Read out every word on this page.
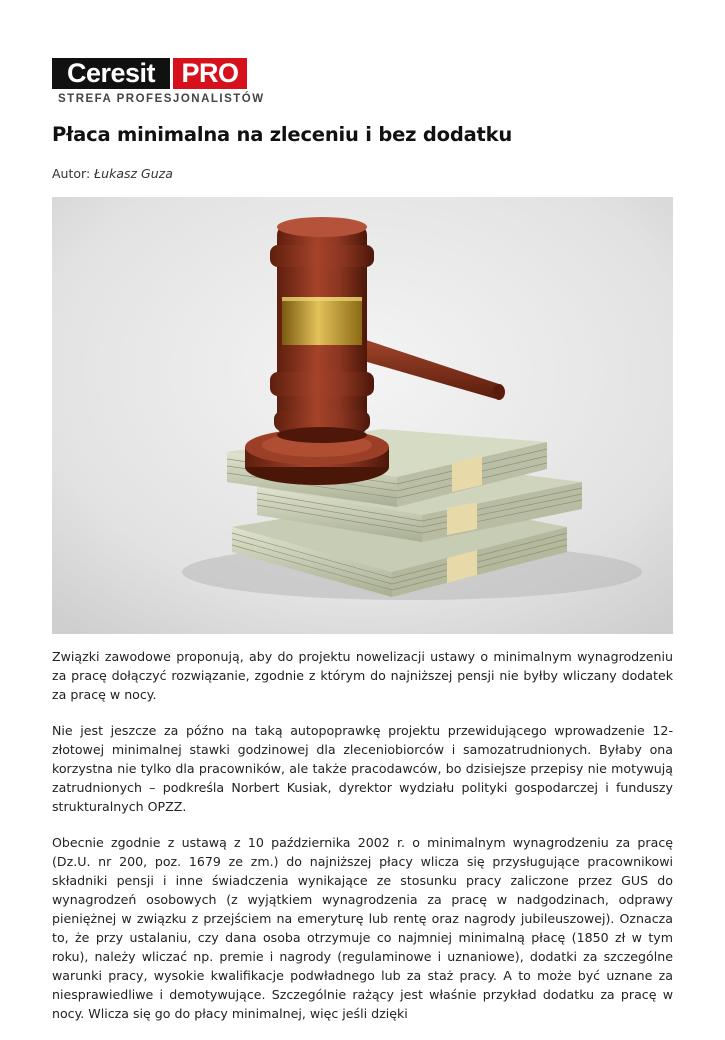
Ceresit PRO
STREFA PROFESJONALISTÓW
Płaca minimalna na zleceniu i bez dodatku
Autor: Łukasz Guza

Związki zawodowe proponują, aby do projektu nowelizacji ustawy o minimalnym wynagrodzeniu za pracę dołączyć rozwiązanie, zgodnie z którym do najniższej pensji nie byłby wliczany dodatek za pracę w nocy.

Nie jest jeszcze za późno na taką autopoprawkę projektu przewidującego wprowadzenie 12-złotowej minimalnej stawki godzinowej dla zleceniobiorców i samozatrudnionych. Byłaby ona korzystna nie tylko dla pracowników, ale także pracodawców, bo dzisiejsze przepisy nie motywują zatrudnionych – podkreśla Norbert Kusiak, dyrektor wydziału polityki gospodarczej i funduszy strukturalnych OPZZ.

Obecnie zgodnie z ustawą z 10 października 2002 r. o minimalnym wynagrodzeniu za pracę (Dz.U. nr 200, poz. 1679 ze zm.) do najniższej płacy wlicza się przysługujące pracownikowi składniki pensji i inne świadczenia wynikające ze stosunku pracy zaliczone przez GUS do wynagrodzeń osobowych (z wyjątkiem wynagrodzenia za pracę w nadgodzinach, odprawy pieniężnej w związku z przejściem na emeryturę lub rentę oraz nagrody jubileuszowej). Oznacza to, że przy ustalaniu, czy dana osoba otrzymuje co najmniej minimalną płacę (1850 zł w tym roku), należy wliczać np. premie i nagrody (regulaminowe i uznaniowe), dodatki za szczególne warunki pracy, wysokie kwalifikacje podwładnego lub za staż pracy. A to może być uznane za niesprawiedliwe i demotywujące. Szczególnie rażący jest właśnie przykład dodatku za pracę w nocy. Wlicza się go do płacy minimalnej, więc jeśli dzięki
